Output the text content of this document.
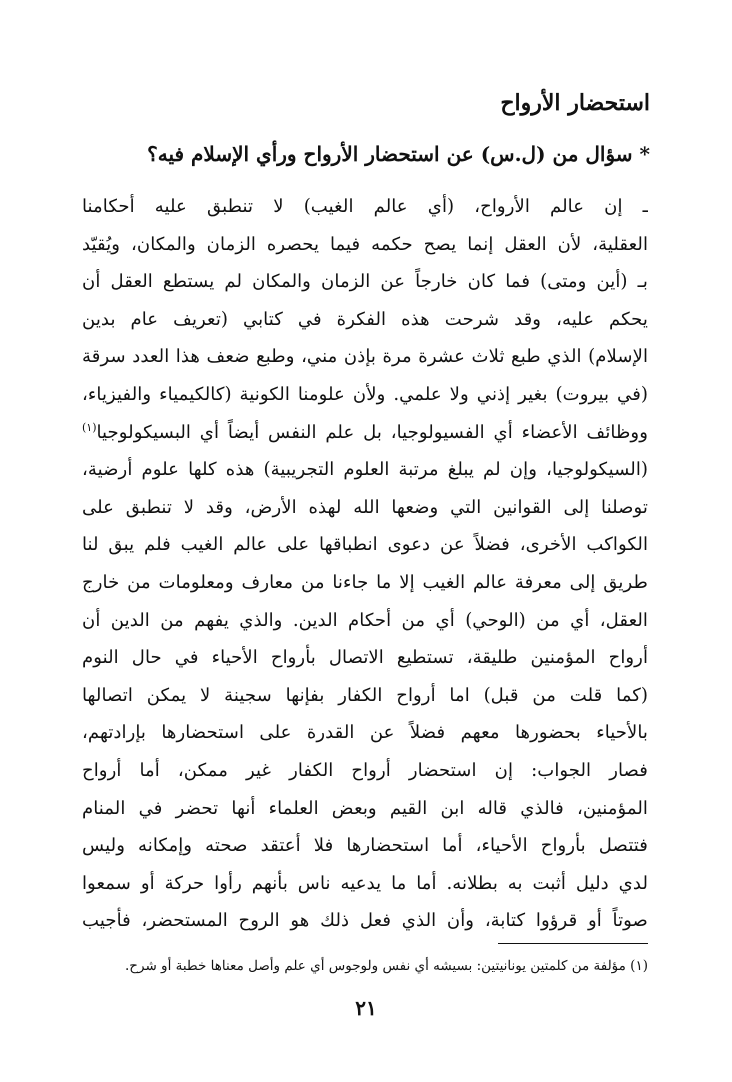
استحضار الأرواح
* سؤال من (ل.س) عن استحضار الأرواح ورأي الإسلام فيه؟
ـ إن عالم الأرواح، (أي عالم الغيب) لا تنطبق عليه أحكامنا
العقلية، لأن العقل إنما يصح حكمه فيما يحصره الزمان والمكان، ويُقيّد
بـ (أين ومتى) فما كان خارجاً عن الزمان والمكان لم يستطع العقل أن
يحكم عليه، وقد شرحت هذه الفكرة في كتابي (تعريف عام بدين
الإسلام) الذي طبع ثلاث عشرة مرة بإذن مني، وطبع ضعف هذا العدد سرقة
(في بيروت) بغير إذني ولا علمي. ولأن علومنا الكونية (كالكيمياء والفيزياء،
ووظائف الأعضاء أي الفسيولوجيا، بل علم النفس أيضاً أي البسيكولوجيا$^{(١)}$
(السيكولوجيا، وإن لم يبلغ مرتبة العلوم التجريبية) هذه كلها علوم أرضية،
توصلنا إلى القوانين التي وضعها الله لهذه الأرض، وقد لا تنطبق على
الكواكب الأخرى، فضلاً عن دعوى انطباقها على عالم الغيب فلم يبق لنا
طريق إلى معرفة عالم الغيب إلا ما جاءنا من معارف ومعلومات من خارج
العقل، أي من (الوحي) أي من أحكام الدين. والذي يفهم من الدين أن
أرواح المؤمنين طليقة، تستطيع الاتصال بأرواح الأحياء في حال النوم
(كما قلت من قبل) اما أرواح الكفار بفإنها سجينة لا يمكن اتصالها
بالأحياء بحضورها معهم فضلاً عن القدرة على استحضارها بإرادتهم،
فصار الجواب: إن استحضار أرواح الكفار غير ممكن، أما أرواح
المؤمنين، فالذي قاله ابن القيم وبعض العلماء أنها تحضر في المنام
فتتصل بأرواح الأحياء، أما استحضارها فلا أعتقد صحته وإمكانه وليس
لدي دليل أثبت به بطلانه. أما ما يدعيه ناس بأنهم رأوا حركة أو سمعوا
صوتاً أو قرؤوا كتابة، وأن الذي فعل ذلك هو الروح المستحضر، فأجيب

(١) مؤلفة من كلمتين يونانيتين: بسيشه أي نفس ولوجوس أي علم وأصل معناها خطبة أو شرح.

٢١
